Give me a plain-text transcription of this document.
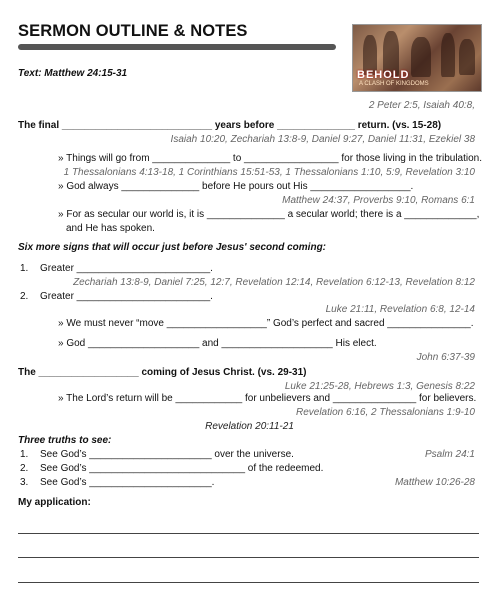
SERMON OUTLINE & NOTES
BEHOLD
A CLASH OF KINGDOMS
Text: Matthew 24:15-31
2 Peter 2:5, Isaiah 40:8,
The final ___________________________ years before ______________ return. (vs. 15-28)
Isaiah 10:20, Zechariah 13:8-9, Daniel 9:27, Daniel 11:31, Ezekiel 38
» Things will go from ______________ to _________________ for those living in the tribulation.
1 Thessalonians 4:13-18, 1 Corinthians 15:51-53, 1 Thessalonians 1:10, 5:9, Revelation 3:10
» God always ______________ before He pours out His __________________.
Matthew 24:37, Proverbs 9:10, Romans 6:1
» For as secular our world is, it is ______________ a secular world; there is a _____________,
and He has spoken.
Six more signs that will occur just before Jesus' second coming:
1. Greater ________________________.
Zechariah 13:8-9, Daniel 7:25, 12:7, Revelation 12:14, Revelation 6:12-13, Revelation 8:12
2. Greater ________________________.
Luke 21:11, Revelation 6:8, 12-14
» We must never “move __________________” God’s perfect and sacred _______________.
» God ____________________ and ____________________ His elect.
John 6:37-39
The __________________ coming of Jesus Christ. (vs. 29-31)
Luke 21:25-28, Hebrews 1:3, Genesis 8:22
» The Lord’s return will be ____________ for unbelievers and _______________ for believers.
Revelation 6:16, 2 Thessalonians 1:9-10
Revelation 20:11-21
Three truths to see:
1. See God’s ______________________ over the universe.	Psalm 24:1
2. See God’s ____________________________ of the redeemed.
3. See God’s ______________________.	Matthew 10:26-28
My application:
